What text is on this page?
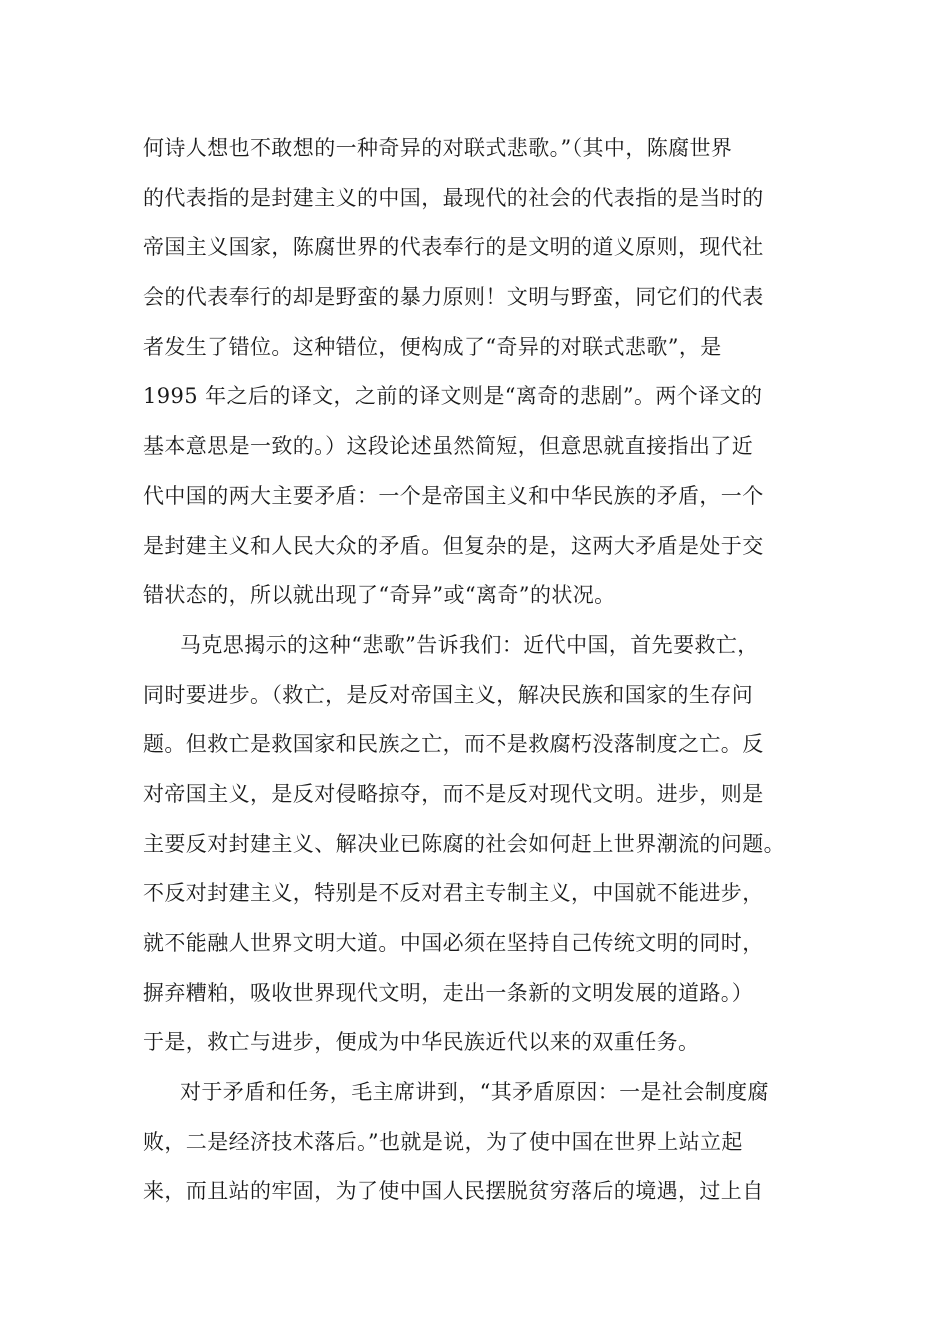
何诗人想也不敢想的一种奇异的对联式悲歌。”（其中，陈腐世界
的代表指的是封建主义的中国，最现代的社会的代表指的是当时的
帝国主义国家，陈腐世界的代表奉行的是文明的道义原则，现代社
会的代表奉行的却是野蛮的暴力原则！文明与野蛮，同它们的代表
者发生了错位。这种错位，便构成了“奇异的对联式悲歌”，是
1995 年之后的译文，之前的译文则是“离奇的悲剧”。两个译文的
基本意思是一致的。）这段论述虽然简短，但意思就直接指出了近
代中国的两大主要矛盾：一个是帝国主义和中华民族的矛盾，一个
是封建主义和人民大众的矛盾。但复杂的是，这两大矛盾是处于交
错状态的，所以就出现了“奇异”或“离奇”的状况。
马克思揭示的这种“悲歌”告诉我们：近代中国，首先要救亡，
同时要进步。（救亡，是反对帝国主义，解决民族和国家的生存问
题。但救亡是救国家和民族之亡，而不是救腐朽没落制度之亡。反
对帝国主义，是反对侵略掠夺，而不是反对现代文明。进步，则是
主要反对封建主义、解决业已陈腐的社会如何赶上世界潮流的问题。
不反对封建主义，特别是不反对君主专制主义，中国就不能进步，
就不能融人世界文明大道。中国必须在坚持自己传统文明的同时，
摒弃糟粕，吸收世界现代文明，走出一条新的文明发展的道路。）
于是，救亡与进步，便成为中华民族近代以来的双重任务。
对于矛盾和任务，毛主席讲到，“其矛盾原因：一是社会制度腐
败，二是经济技术落后。”也就是说，为了使中国在世界上站立起
来，而且站的牢固，为了使中国人民摆脱贫穷落后的境遇，过上自
